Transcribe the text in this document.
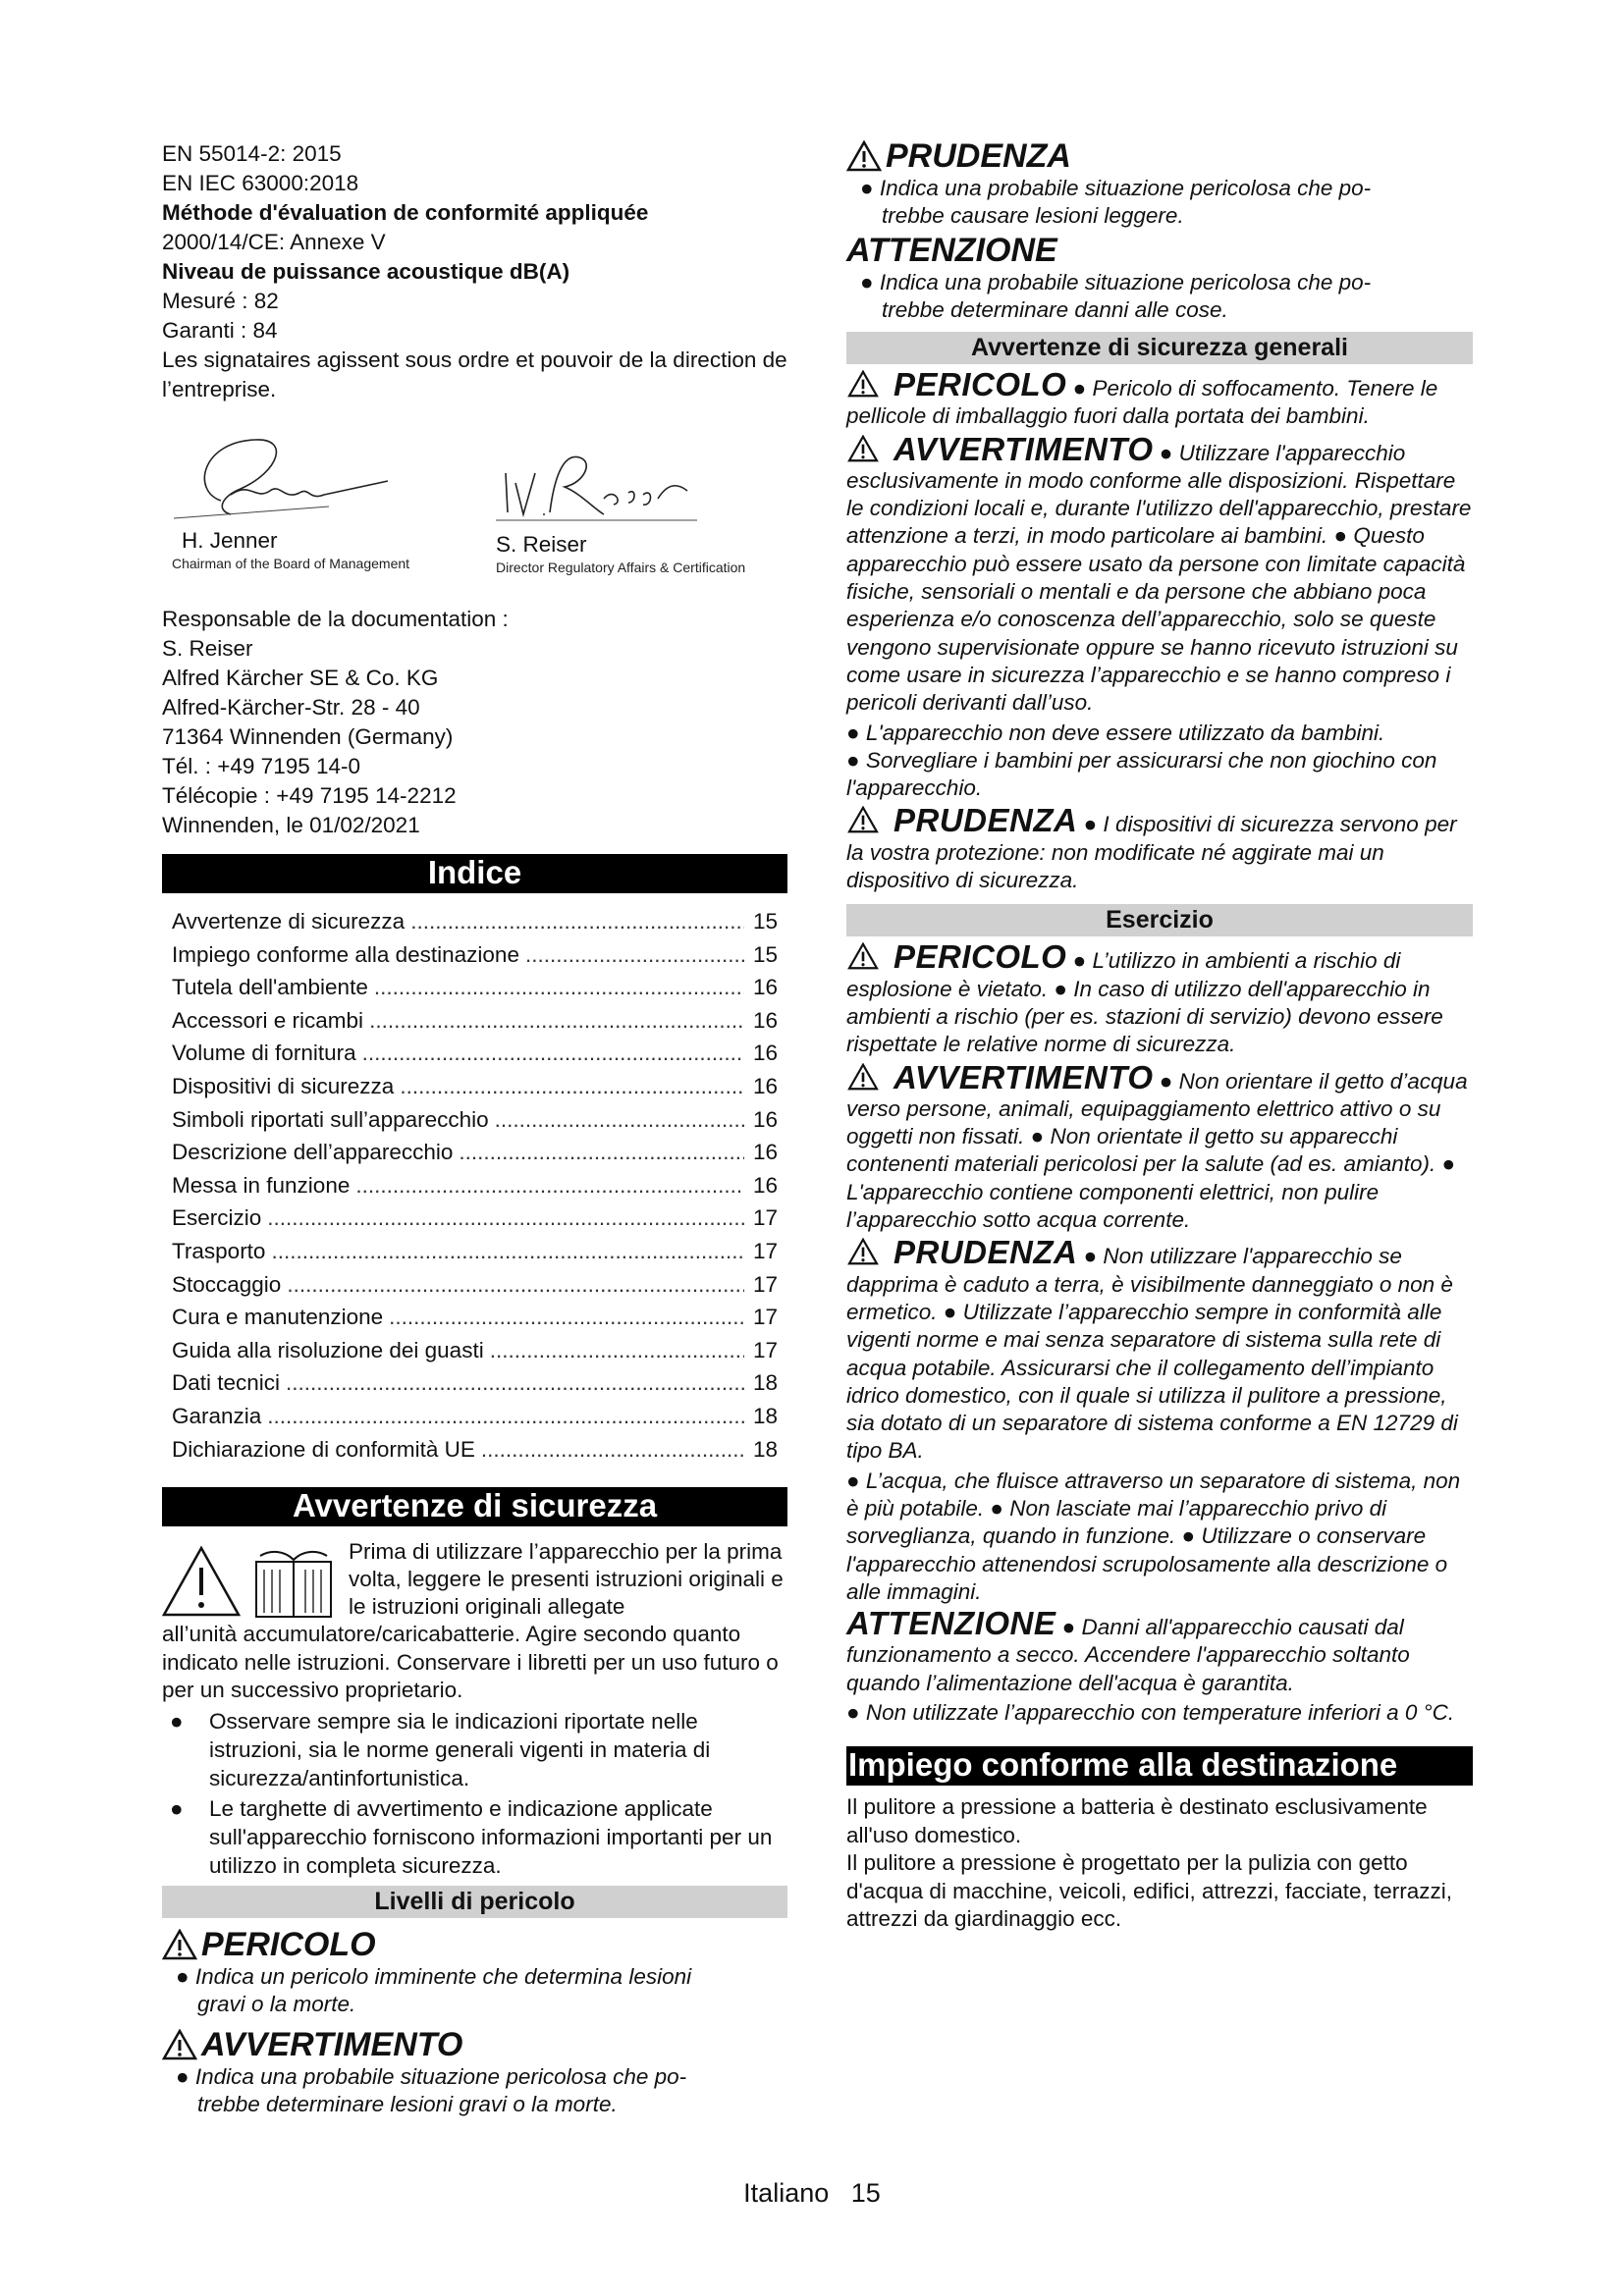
EN 55014-2: 2015

EN IEC 63000:2018

Méthode d'évaluation de conformité appliquée

2000/14/CE: Annexe V

Niveau de puissance acoustique dB(A)

Mesuré : 82

Garanti : 84

Les signataires agissent sous ordre et pouvoir de la direction de l’entreprise.

H. Jenner
Chairman of the Board of Management
S. Reiser
Director Regulatory Affairs & Certification

Responsable de la documentation :

S. Reiser

Alfred Kärcher SE & Co. KG

Alfred-Kärcher-Str. 28 - 40

71364 Winnenden (Germany)

Tél. : +49 7195 14-0

Télécopie : +49 7195 14-2212

Winnenden, le 01/02/2021

Indice
Avvertenze di sicurezza .....	15
Impiego conforme alla destinazione .....	15
Tutela dell'ambiente .....	16
Accessori e ricambi .....	16
Volume di fornitura .....	16
Dispositivi di sicurezza .....	16
Simboli riportati sull’apparecchio .....	16
Descrizione dell’apparecchio .....	16
Messa in funzione .....	16
Esercizio .....	17
Trasporto .....	17
Stoccaggio .....	17
Cura e manutenzione .....	17
Guida alla risoluzione dei guasti .....	17
Dati tecnici .....	18
Garanzia .....	18
Dichiarazione di conformità UE .....	18
Avvertenze di sicurezza

Prima di utilizzare l’apparecchio per la prima volta, leggere le presenti istruzioni originali e le istruzioni originali allegate

all’unità accumulatore/caricabatterie. Agire secondo quanto indicato nelle istruzioni. Conservare i libretti per un uso futuro o per un successivo proprietario.

●	Osservare sempre sia le indicazioni riportate nelle istruzioni, sia le norme generali vigenti in materia di sicurezza/antinfortunistica.
●	Le targhette di avvertimento e indicazione applicate sull'apparecchio forniscono informazioni importanti per un utilizzo in completa sicurezza.
Livelli di pericolo
PERICOLO
● Indica un pericolo imminente che determina lesioni
gravi o la morte.
AVVERTIMENTO
● Indica una probabile situazione pericolosa che po-
trebbe determinare lesioni gravi o la morte.
PRUDENZA
● Indica una probabile situazione pericolosa che po-
trebbe causare lesioni leggere.
ATTENZIONE
● Indica una probabile situazione pericolosa che po-
trebbe determinare danni alle cose.
Avvertenze di sicurezza generali

PERICOLO ● Pericolo di soffocamento. Tenere le pellicole di imballaggio fuori dalla portata dei bambini.

AVVERTIMENTO ● Utilizzare l'apparecchio esclusivamente in modo conforme alle disposizioni. Rispettare le condizioni locali e, durante l'utilizzo dell'apparecchio, prestare attenzione a terzi, in modo particolare ai bambini. ● Questo apparecchio può essere usato da persone con limitate capacità fisiche, sensoriali o mentali e da persone che abbiano poca esperienza e/o conoscenza dell’apparecchio, solo se queste vengono supervisionate oppure se hanno ricevuto istruzioni su come usare in sicurezza l’apparecchio e se hanno compreso i pericoli derivanti dall’uso.

● L'apparecchio non deve essere utilizzato da bambini.

● Sorvegliare i bambini per assicurarsi che non giochino con l'apparecchio.

PRUDENZA ● I dispositivi di sicurezza servono per la vostra protezione: non modificate né aggirate mai un dispositivo di sicurezza.

Esercizio

PERICOLO ● L’utilizzo in ambienti a rischio di esplosione è vietato. ● In caso di utilizzo dell'apparecchio in ambienti a rischio (per es. stazioni di servizio) devono essere rispettate le relative norme di sicurezza.

AVVERTIMENTO ● Non orientare il getto d’acqua verso persone, animali, equipaggiamento elettrico attivo o su oggetti non fissati. ● Non orientate il getto su apparecchi contenenti materiali pericolosi per la salute (ad es. amianto). ● L'apparecchio contiene componenti elettrici, non pulire l’apparecchio sotto acqua corrente.

PRUDENZA ● Non utilizzare l'apparecchio se dapprima è caduto a terra, è visibilmente danneggiato o non è ermetico. ● Utilizzate l’apparecchio sempre in conformità alle vigenti norme e mai senza separatore di sistema sulla rete di acqua potabile. Assicurarsi che il collegamento dell’impianto idrico domestico, con il quale si utilizza il pulitore a pressione, sia dotato di un separatore di sistema conforme a EN 12729 di tipo BA.

● L’acqua, che fluisce attraverso un separatore di sistema, non è più potabile. ● Non lasciate mai l’apparecchio privo di sorveglianza, quando in funzione. ● Utilizzare o conservare l'apparecchio attenendosi scrupolosamente alla descrizione o alle immagini.

ATTENZIONE ● Danni all'apparecchio causati dal funzionamento a secco. Accendere l'apparecchio soltanto quando l’alimentazione dell'acqua è garantita.

● Non utilizzate l’apparecchio con temperature inferiori a 0 °C.

Impiego conforme alla destinazione

Il pulitore a pressione a batteria è destinato esclusivamente all'uso domestico.

Il pulitore a pressione è progettato per la pulizia con getto d'acqua di macchine, veicoli, edifici, attrezzi, facciate, terrazzi, attrezzi da giardinaggio ecc.

Italiano 15
